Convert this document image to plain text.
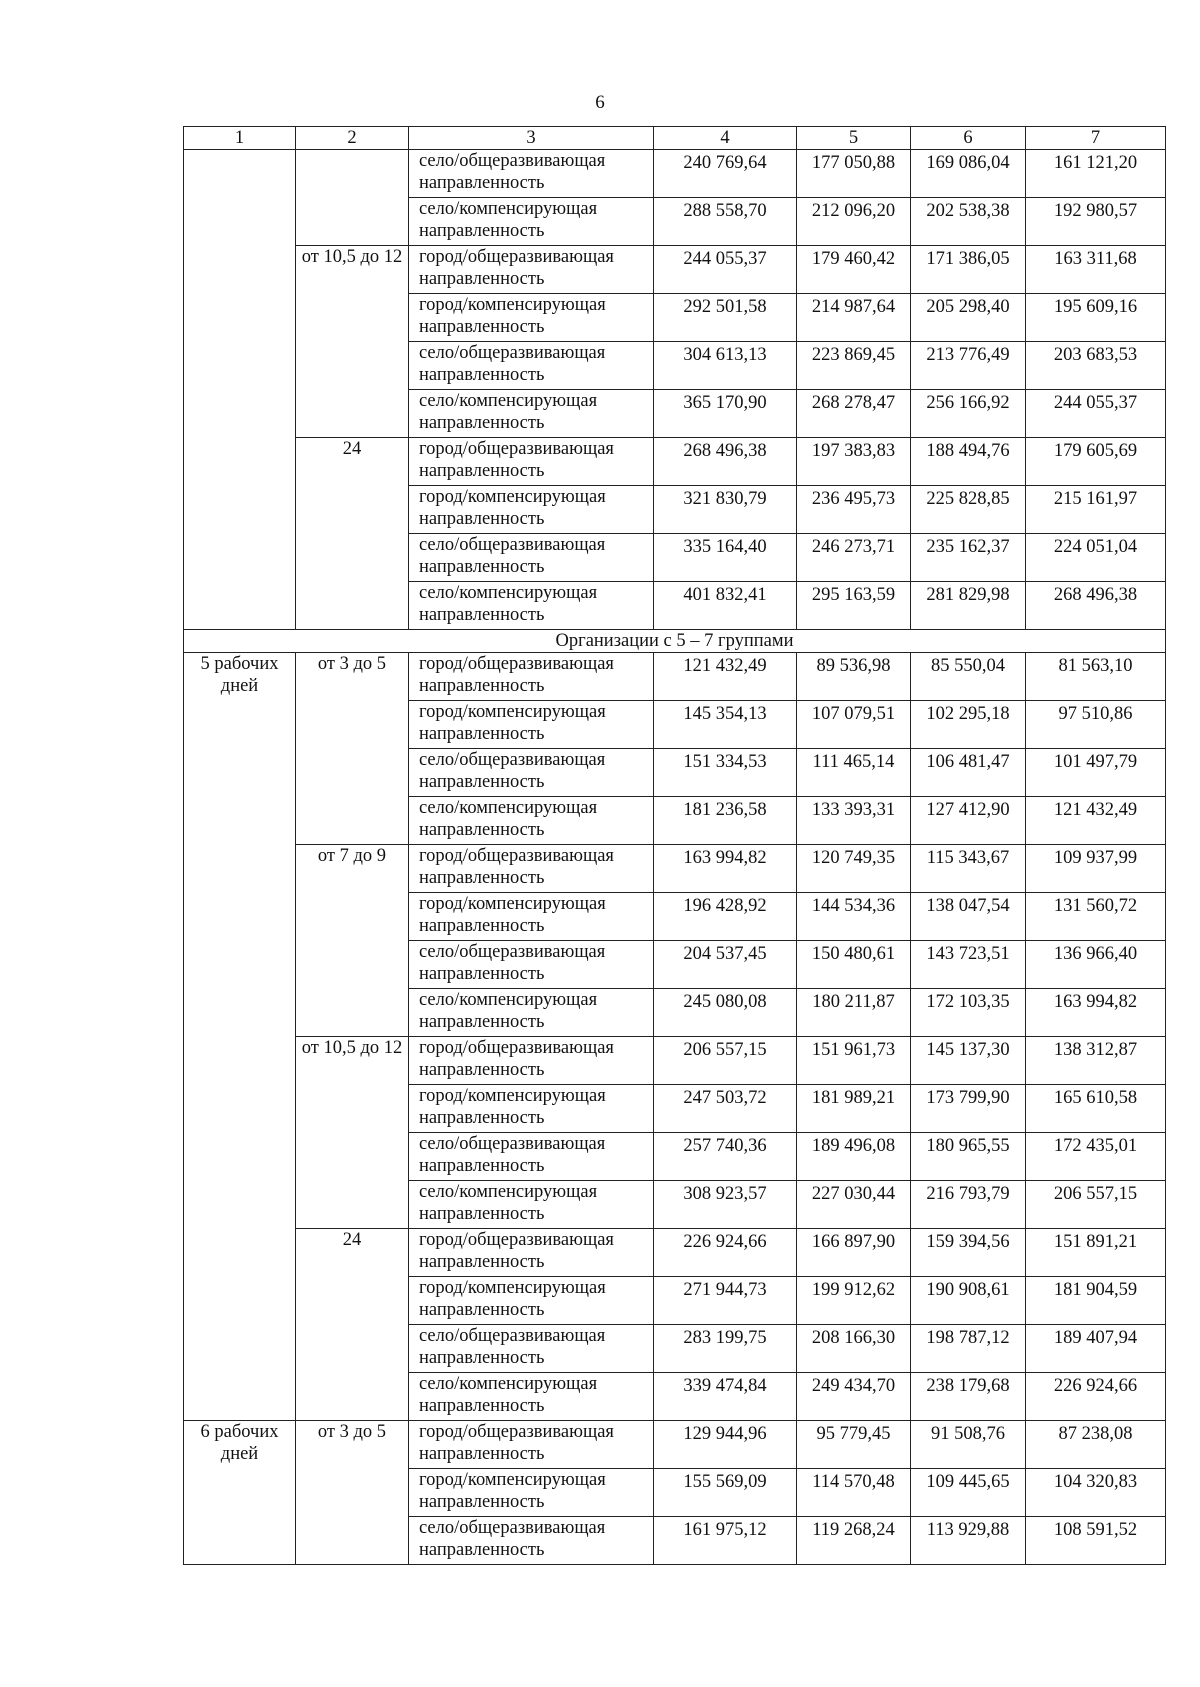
6
1	2	3	4	5	6	7
		село/общеразвивающая направленность	240 769,64	177 050,88	169 086,04	161 121,20
		село/компенсирующая направленность	288 558,70	212 096,20	202 538,38	192 980,57
	от 10,5 до 12	город/общеразвивающая направленность	244 055,37	179 460,42	171 386,05	163 311,68
		город/компенсирующая направленность	292 501,58	214 987,64	205 298,40	195 609,16
		село/общеразвивающая направленность	304 613,13	223 869,45	213 776,49	203 683,53
		село/компенсирующая направленность	365 170,90	268 278,47	256 166,92	244 055,37
	24	город/общеразвивающая направленность	268 496,38	197 383,83	188 494,76	179 605,69
		город/компенсирующая направленность	321 830,79	236 495,73	225 828,85	215 161,97
		село/общеразвивающая направленность	335 164,40	246 273,71	235 162,37	224 051,04
		село/компенсирующая направленность	401 832,41	295 163,59	281 829,98	268 496,38
Организации с 5 – 7 группами						
5 рабочих дней	от 3 до 5	город/общеразвивающая направленность	121 432,49	89 536,98	85 550,04	81 563,10
		город/компенсирующая направленность	145 354,13	107 079,51	102 295,18	97 510,86
		село/общеразвивающая направленность	151 334,53	111 465,14	106 481,47	101 497,79
		село/компенсирующая направленность	181 236,58	133 393,31	127 412,90	121 432,49
	от 7 до 9	город/общеразвивающая направленность	163 994,82	120 749,35	115 343,67	109 937,99
		город/компенсирующая направленность	196 428,92	144 534,36	138 047,54	131 560,72
		село/общеразвивающая направленность	204 537,45	150 480,61	143 723,51	136 966,40
		село/компенсирующая направленность	245 080,08	180 211,87	172 103,35	163 994,82
	от 10,5 до 12	город/общеразвивающая направленность	206 557,15	151 961,73	145 137,30	138 312,87
		город/компенсирующая направленность	247 503,72	181 989,21	173 799,90	165 610,58
		село/общеразвивающая направленность	257 740,36	189 496,08	180 965,55	172 435,01
		село/компенсирующая направленность	308 923,57	227 030,44	216 793,79	206 557,15
	24	город/общеразвивающая направленность	226 924,66	166 897,90	159 394,56	151 891,21
		город/компенсирующая направленность	271 944,73	199 912,62	190 908,61	181 904,59
		село/общеразвивающая направленность	283 199,75	208 166,30	198 787,12	189 407,94
		село/компенсирующая направленность	339 474,84	249 434,70	238 179,68	226 924,66
6 рабочих дней	от 3 до 5	город/общеразвивающая направленность	129 944,96	95 779,45	91 508,76	87 238,08
		город/компенсирующая направленность	155 569,09	114 570,48	109 445,65	104 320,83
		село/общеразвивающая направленность	161 975,12	119 268,24	113 929,88	108 591,52
